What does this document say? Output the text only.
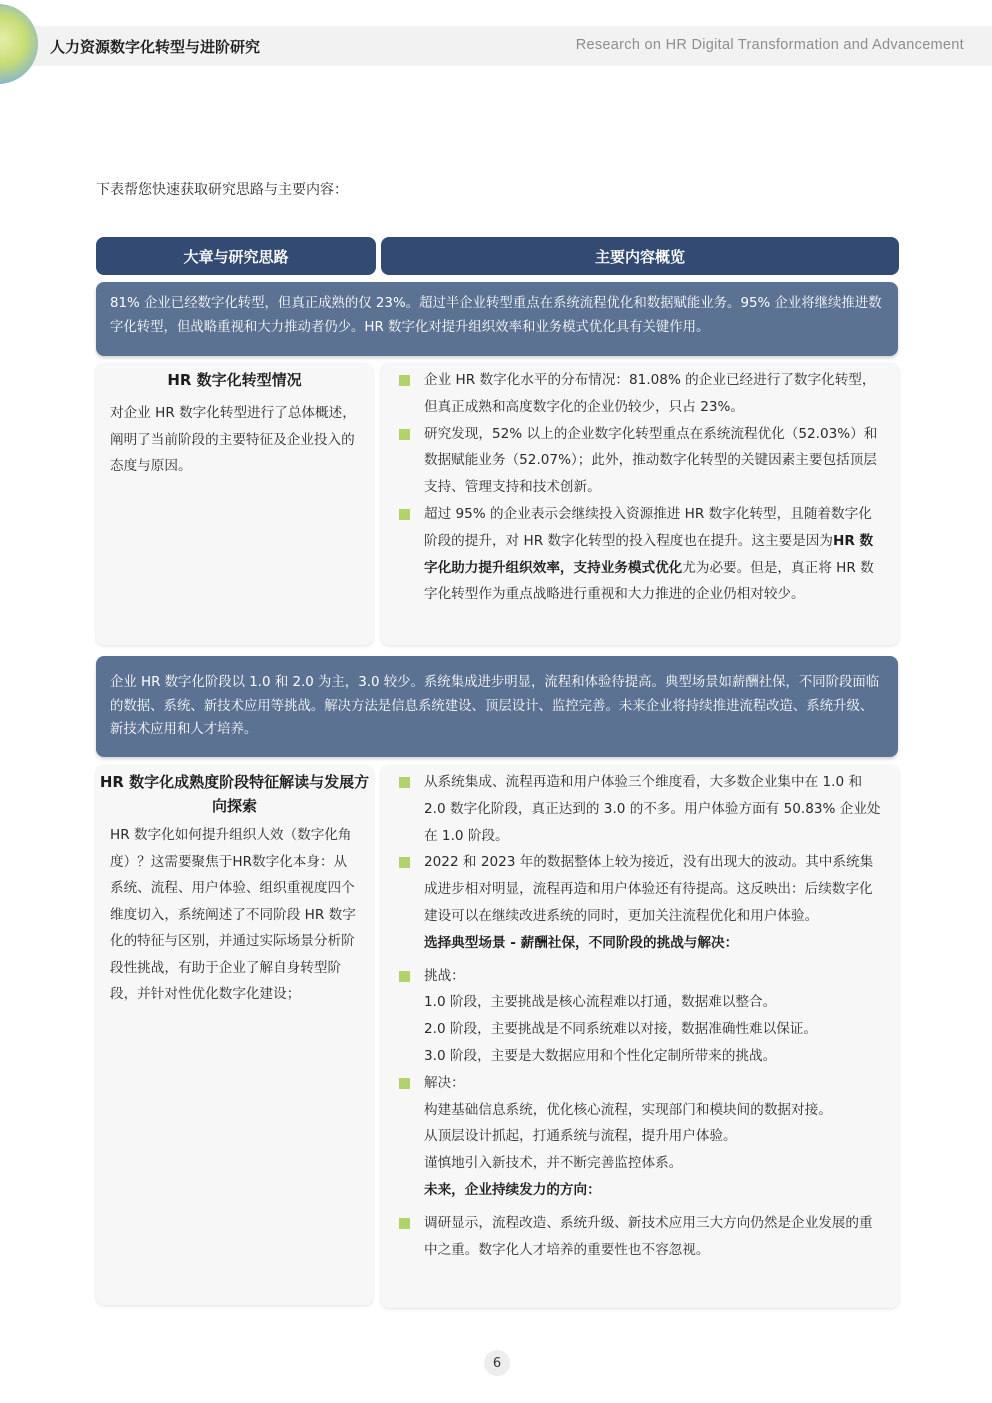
人力资源数字化转型与进阶研究	Research on HR Digital Transformation and Advancement
下表帮您快速获取研究思路与主要内容：
大章与研究思路	主要内容概览
81% 企业已经数字化转型，但真正成熟的仅 23%。超过半企业转型重点在系统流程优化和数据赋能业务。95% 企业将继续推进数字化转型，但战略重视和大力推动者仍少。HR 数字化对提升组织效率和业务模式优化具有关键作用。
HR 数字化转型情况
对企业 HR 数字化转型进行了总体概述，阐明了当前阶段的主要特征及企业投入的态度与原因。
企业 HR 数字化水平的分布情况：81.08% 的企业已经进行了数字化转型，但真正成熟和高度数字化的企业仍较少，只占 23%。
研究发现，52% 以上的企业数字化转型重点在系统流程优化（52.03%）和数据赋能业务（52.07%）；此外，推动数字化转型的关键因素主要包括顶层支持、管理支持和技术创新。
超过 95% 的企业表示会继续投入资源推进 HR 数字化转型，且随着数字化阶段的提升，对 HR 数字化转型的投入程度也在提升。这主要是因为HR 数字化助力提升组织效率，支持业务模式优化尤为必要。但是，真正将 HR 数字化转型作为重点战略进行重视和大力推进的企业仍相对较少。
企业 HR 数字化阶段以 1.0 和 2.0 为主，3.0 较少。系统集成进步明显，流程和体验待提高。典型场景如薪酬社保，不同阶段面临的数据、系统、新技术应用等挑战。解决方法是信息系统建设、顶层设计、监控完善。未来企业将持续推进流程改造、系统升级、新技术应用和人才培养。
HR 数字化成熟度阶段特征解读与发展方向探索
HR 数字化如何提升组织人效（数字化角度）？这需要聚焦于HR数字化本身：从系统、流程、用户体验、组织重视度四个维度切入，系统阐述了不同阶段 HR 数字化的特征与区别，并通过实际场景分析阶段性挑战，有助于企业了解自身转型阶段，并针对性优化数字化建设；
从系统集成、流程再造和用户体验三个维度看，大多数企业集中在 1.0 和 2.0 数字化阶段，真正达到的 3.0 的不多。用户体验方面有 50.83% 企业处在 1.0 阶段。
2022 和 2023 年的数据整体上较为接近，没有出现大的波动。其中系统集成进步相对明显，流程再造和用户体验还有待提高。这反映出：后续数字化建设可以在继续改进系统的同时，更加关注流程优化和用户体验。
选择典型场景 - 薪酬社保，不同阶段的挑战与解决：
挑战：
1.0 阶段，主要挑战是核心流程难以打通，数据难以整合。
2.0 阶段，主要挑战是不同系统难以对接，数据准确性难以保证。
3.0 阶段，主要是大数据应用和个性化定制所带来的挑战。
解决：
构建基础信息系统，优化核心流程，实现部门和模块间的数据对接。
从顶层设计抓起，打通系统与流程，提升用户体验。
谨慎地引入新技术，并不断完善监控体系。
未来，企业持续发力的方向：
调研显示，流程改造、系统升级、新技术应用三大方向仍然是企业发展的重中之重。数字化人才培养的重要性也不容忽视。
6
